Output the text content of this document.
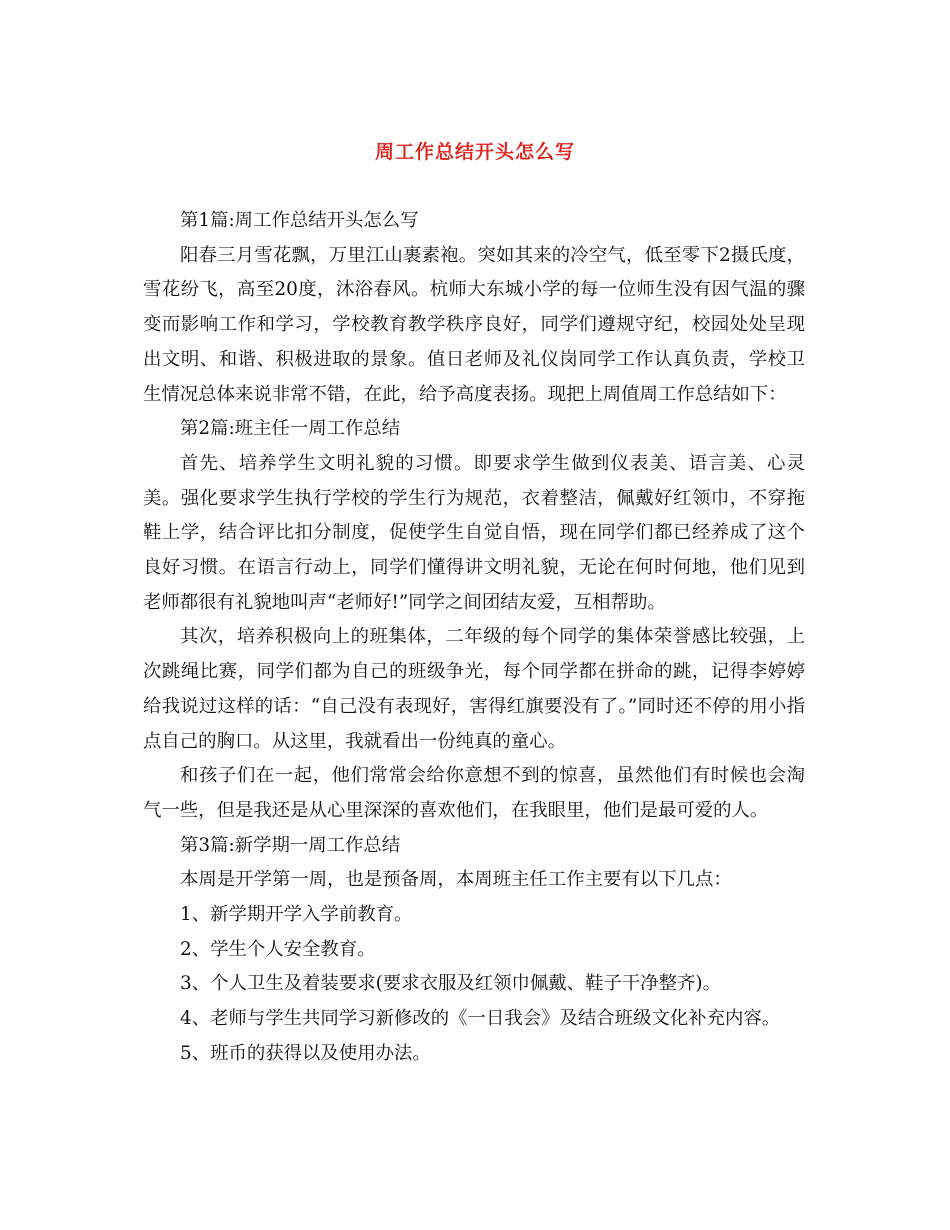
周工作总结开头怎么写

第1篇:周工作总结开头怎么写

阳春三月雪花飘，万里江山裹素袍。突如其来的冷空气，低至零下2摄氏度，雪花纷飞，高至20度，沐浴春风。杭师大东城小学的每一位师生没有因气温的骤变而影响工作和学习，学校教育教学秩序良好，同学们遵规守纪，校园处处呈现出文明、和谐、积极进取的景象。值日老师及礼仪岗同学工作认真负责，学校卫生情况总体来说非常不错，在此，给予高度表扬。现把上周值周工作总结如下：

第2篇:班主任一周工作总结

首先、培养学生文明礼貌的习惯。即要求学生做到仪表美、语言美、心灵美。强化要求学生执行学校的学生行为规范，衣着整洁，佩戴好红领巾，不穿拖鞋上学，结合评比扣分制度，促使学生自觉自悟，现在同学们都已经养成了这个良好习惯。在语言行动上，同学们懂得讲文明礼貌，无论在何时何地，他们见到老师都很有礼貌地叫声“老师好!”同学之间团结友爱，互相帮助。

其次，培养积极向上的班集体，二年级的每个同学的集体荣誉感比较强，上次跳绳比赛，同学们都为自己的班级争光，每个同学都在拼命的跳，记得李婷婷给我说过这样的话：“自己没有表现好，害得红旗要没有了。”同时还不停的用小指点自己的胸口。从这里，我就看出一份纯真的童心。

和孩子们在一起，他们常常会给你意想不到的惊喜，虽然他们有时候也会淘气一些，但是我还是从心里深深的喜欢他们，在我眼里，他们是最可爱的人。

第3篇:新学期一周工作总结

本周是开学第一周，也是预备周，本周班主任工作主要有以下几点：

1、新学期开学入学前教育。

2、学生个人安全教育。

3、个人卫生及着装要求(要求衣服及红领巾佩戴、鞋子干净整齐)。

4、老师与学生共同学习新修改的《一日我会》及结合班级文化补充内容。

5、班币的获得以及使用办法。
